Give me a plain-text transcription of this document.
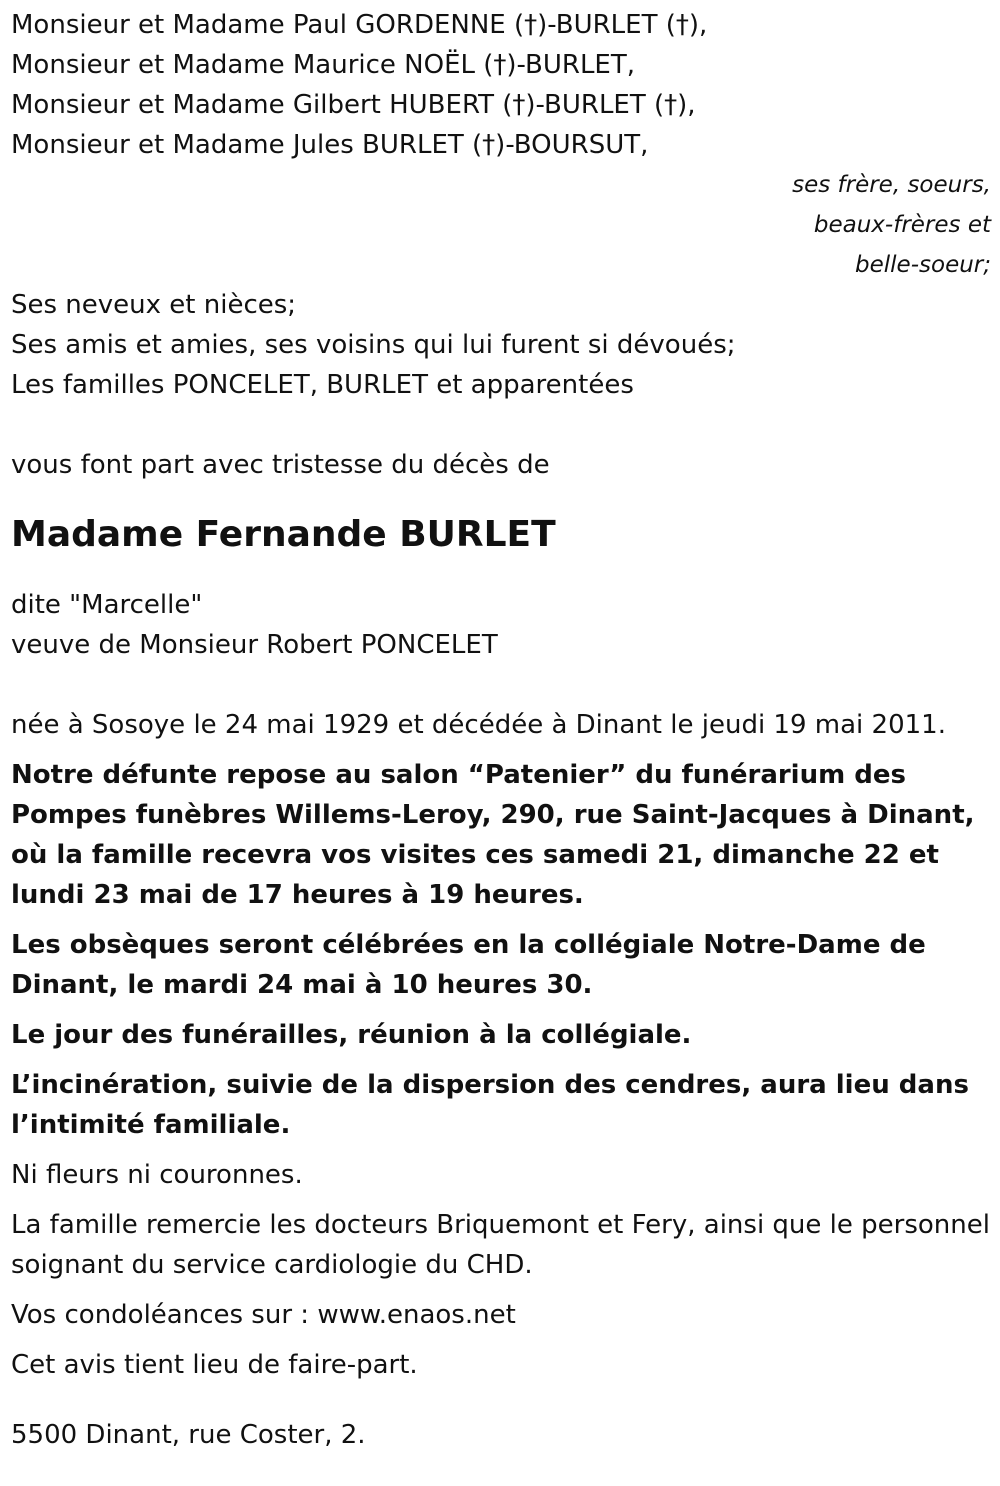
Monsieur et Madame Paul GORDENNE (†)-BURLET (†),

Monsieur et Madame Maurice NOËL (†)-BURLET,

Monsieur et Madame Gilbert HUBERT (†)-BURLET (†),

Monsieur et Madame Jules BURLET (†)-BOURSUT,

ses frère, soeurs,

beaux-frères et

belle-soeur;

Ses neveux et nièces;

Ses amis et amies, ses voisins qui lui furent si dévoués;

Les familles PONCELET, BURLET et apparentées

vous font part avec tristesse du décès de

Madame Fernande BURLET

dite "Marcelle"

veuve de Monsieur Robert PONCELET

née à Sosoye le 24 mai 1929 et décédée à Dinant le jeudi 19 mai 2011.

Notre défunte repose au salon “Patenier” du funérarium des Pompes funèbres Willems-Leroy, 290, rue Saint-Jacques à Dinant, où la famille recevra vos visites ces samedi 21, dimanche 22 et lundi 23 mai de 17 heures à 19 heures.

Les obsèques seront célébrées en la collégiale Notre-Dame de Dinant, le mardi 24 mai à 10 heures 30.

Le jour des funérailles, réunion à la collégiale.

L’incinération, suivie de la dispersion des cendres, aura lieu dans l’intimité familiale.

Ni fleurs ni couronnes.

La famille remercie les docteurs Briquemont et Fery, ainsi que le personnel soignant du service cardiologie du CHD.

Vos condoléances sur : www.enaos.net

Cet avis tient lieu de faire-part.

5500 Dinant, rue Coster, 2.
